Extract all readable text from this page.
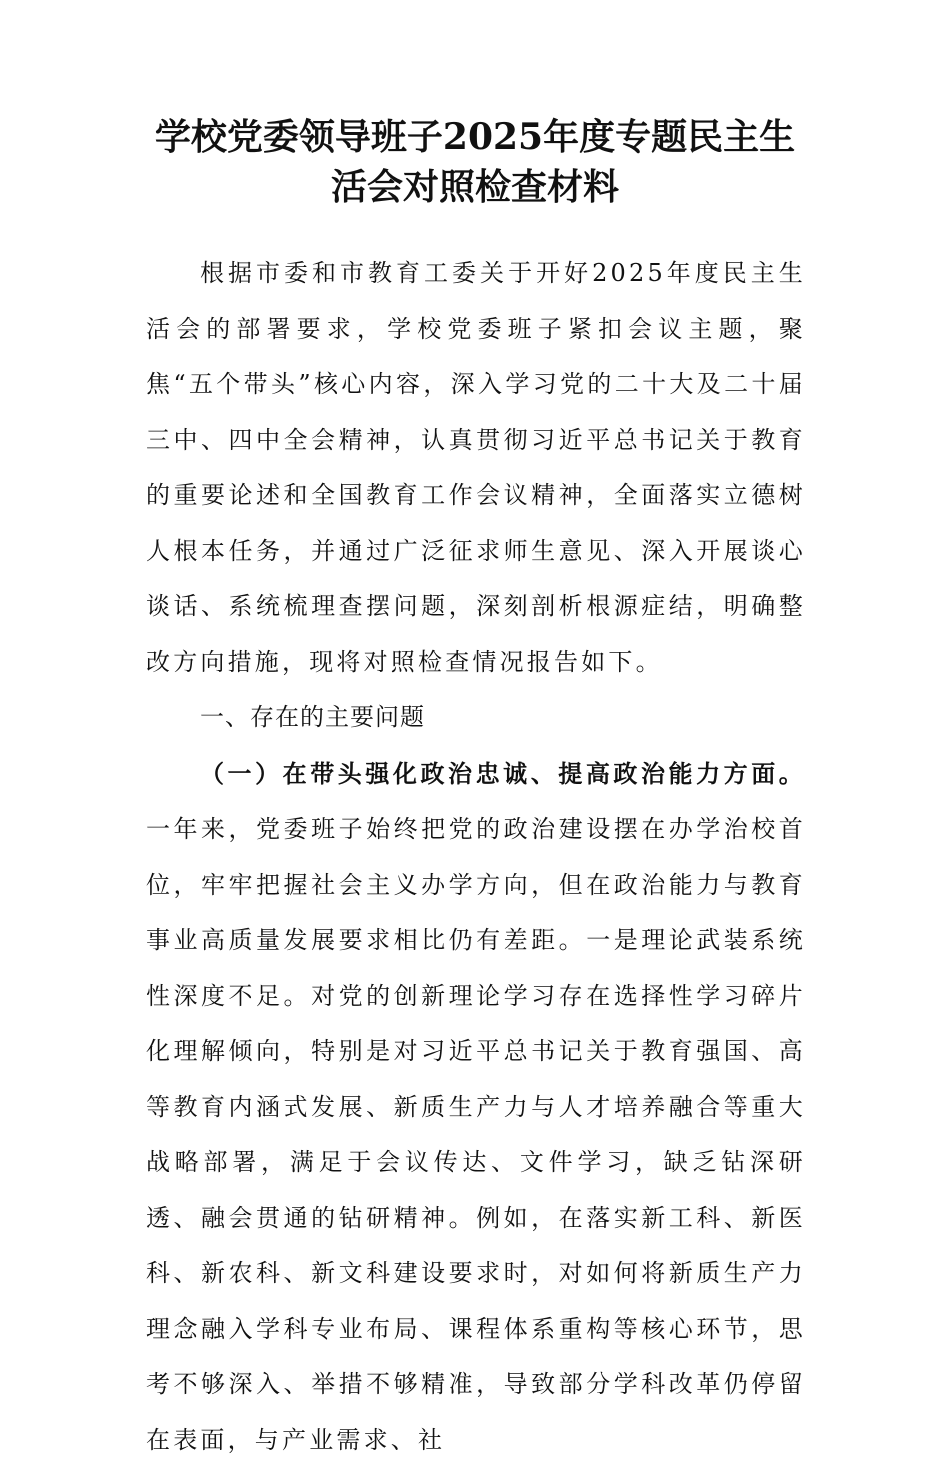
学校党委领导班子2025年度专题民主生活会对照检查材料

根据市委和市教育工委关于开好2025年度民主生活会的部署要求，学校党委班子紧扣会议主题，聚焦“五个带头”核心内容，深入学习党的二十大及二十届三中、四中全会精神，认真贯彻习近平总书记关于教育的重要论述和全国教育工作会议精神，全面落实立德树人根本任务，并通过广泛征求师生意见、深入开展谈心谈话、系统梳理查摆问题，深刻剖析根源症结，明确整改方向措施，现将对照检查情况报告如下。

一、存在的主要问题

（一）在带头强化政治忠诚、提高政治能力方面。一年来，党委班子始终把党的政治建设摆在办学治校首位，牢牢把握社会主义办学方向，但在政治能力与教育事业高质量发展要求相比仍有差距。一是理论武装系统性深度不足。对党的创新理论学习存在选择性学习碎片化理解倾向，特别是对习近平总书记关于教育强国、高等教育内涵式发展、新质生产力与人才培养融合等重大战略部署，满足于会议传达、文件学习，缺乏钻深研透、融会贯通的钻研精神。例如，在落实新工科、新医科、新农科、新文科建设要求时，对如何将新质生产力理念融入学科专业布局、课程体系重构等核心环节，思考不够深入、举措不够精准，导致部分学科改革仍停留在表面，与产业需求、社
